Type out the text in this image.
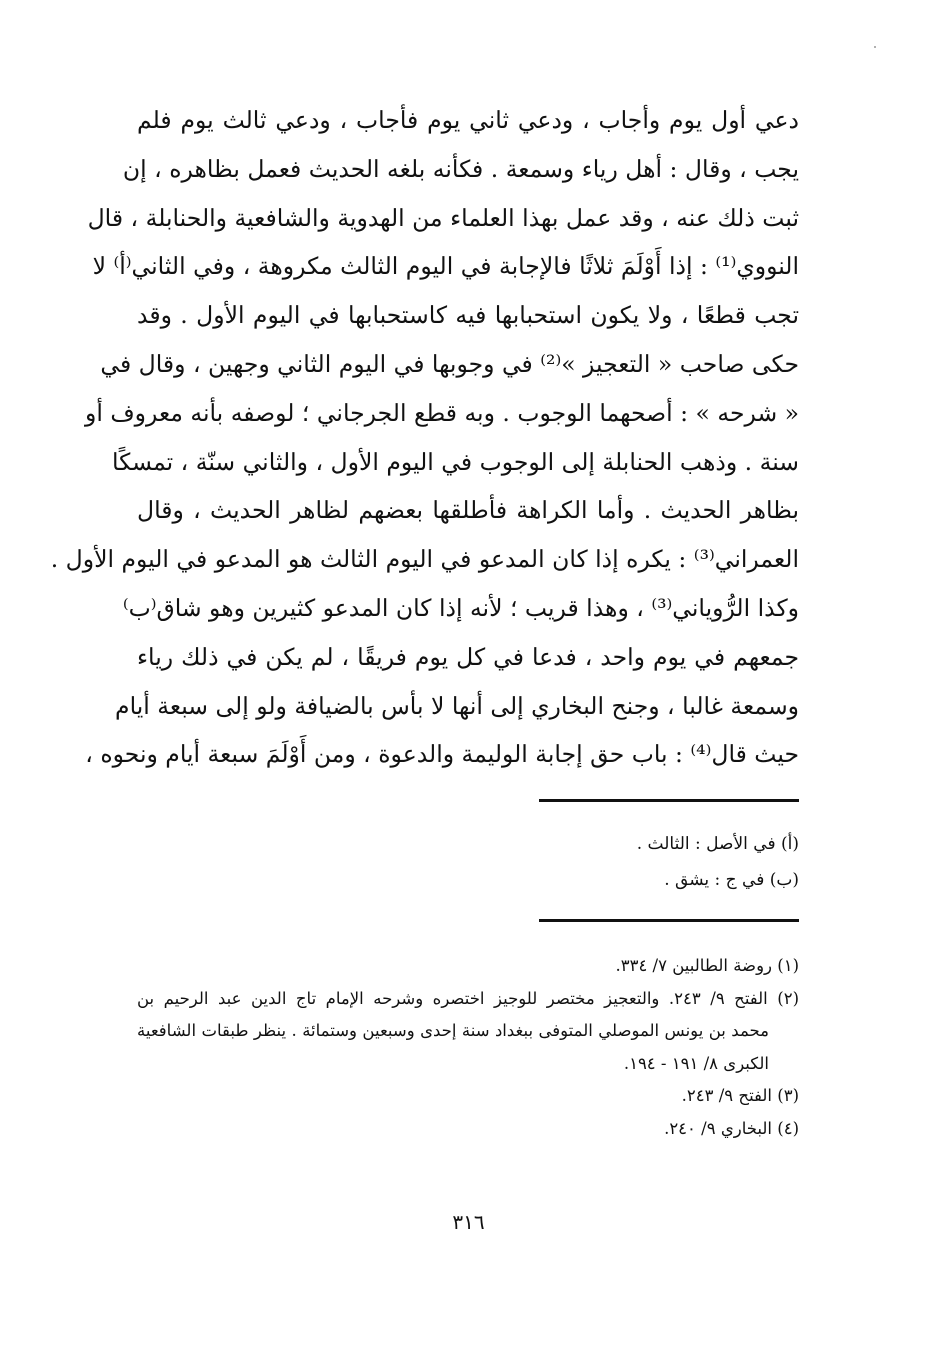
دعي أول يوم وأجاب ، ودعي ثاني يوم فأجاب ، ودعي ثالث يوم فلم
يجب ، وقال : أهل رياء وسمعة . فكأنه بلغه الحديث فعمل بظاهره ، إن
ثبت ذلك عنه ، وقد عمل بهذا العلماء من الهدوية والشافعية والحنابلة ، قال
النووي⁽¹⁾ : إذا أَوْلَمَ ثلاثًا فالإجابة في اليوم الثالث مكروهة ، وفي الثاني⁽أ⁾ لا
تجب قطعًا ، ولا يكون استحبابها فيه كاستحبابها في اليوم الأول . وقد
حكى صاحب « التعجيز »⁽²⁾ في وجوبها في اليوم الثاني وجهين ، وقال في
« شرحه » : أصحهما الوجوب . وبه قطع الجرجاني ؛ لوصفه بأنه معروف أو
سنة . وذهب الحنابلة إلى الوجوب في اليوم الأول ، والثاني سنّة ، تمسكًا
بظاهر الحديث . وأما الكراهة فأطلقها بعضهم لظاهر الحديث ، وقال
العمراني⁽³⁾ : يكره إذا كان المدعو في اليوم الثالث هو المدعو في اليوم الأول .
وكذا الرُّوياني⁽³⁾ ، وهذا قريب ؛ لأنه إذا كان المدعو كثيرين وهو شاق⁽ب⁾
جمعهم في يوم واحد ، فدعا في كل يوم فريقًا ، لم يكن في ذلك رياء
وسمعة غالبا ، وجنح البخاري إلى أنها لا بأس بالضيافة ولو إلى سبعة أيام
حيث قال⁽⁴⁾ : باب حق إجابة الوليمة والدعوة ، ومن أَوْلَمَ سبعة أيام ونحوه ،
(أ) في الأصل : الثالث .
(ب) في ج : يشق .
(١) روضة الطالبين ٧/ ٣٣٤.
(٢) الفتح ٩/ ٢٤٣. والتعجيز مختصر للوجيز اختصره وشرحه الإمام تاج الدين عبد الرحيم بن
محمد بن يونس الموصلي المتوفى ببغداد سنة إحدى وسبعين وستمائة . ينظر طبقات الشافعية
الكبرى ٨/ ١٩١ - ١٩٤.
(٣) الفتح ٩/ ٢٤٣.
(٤) البخاري ٩/ ٢٤٠.
٣١٦
